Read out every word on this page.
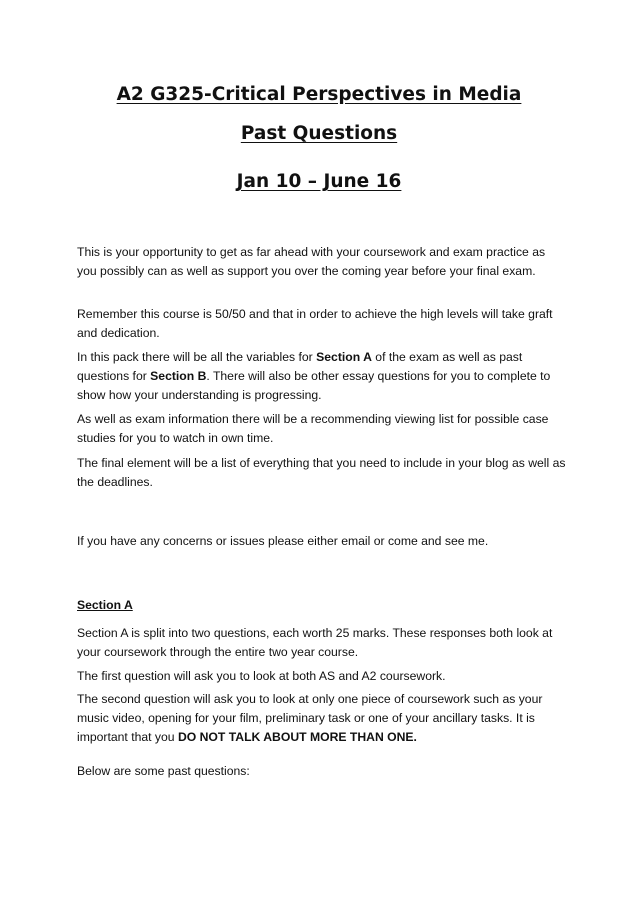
A2 G325-Critical Perspectives in Media
Past Questions
Jan 10 – June 16

This is your opportunity to get as far ahead with your coursework and exam practice as you possibly can as well as support you over the coming year before your final exam.

Remember this course is 50/50 and that in order to achieve the high levels will take graft and dedication.

In this pack there will be all the variables for Section A of the exam as well as past questions for Section B. There will also be other essay questions for you to complete to show how your understanding is progressing.

As well as exam information there will be a recommending viewing list for possible case studies for you to watch in own time.

The final element will be a list of everything that you need to include in your blog as well as the deadlines.

If you have any concerns or issues please either email or come and see me.

Section A

Section A is split into two questions, each worth 25 marks. These responses both look at your coursework through the entire two year course.

The first question will ask you to look at both AS and A2 coursework.

The second question will ask you to look at only one piece of coursework such as your music video, opening for your film, preliminary task or one of your ancillary tasks. It is important that you DO NOT TALK ABOUT MORE THAN ONE.

Below are some past questions:
